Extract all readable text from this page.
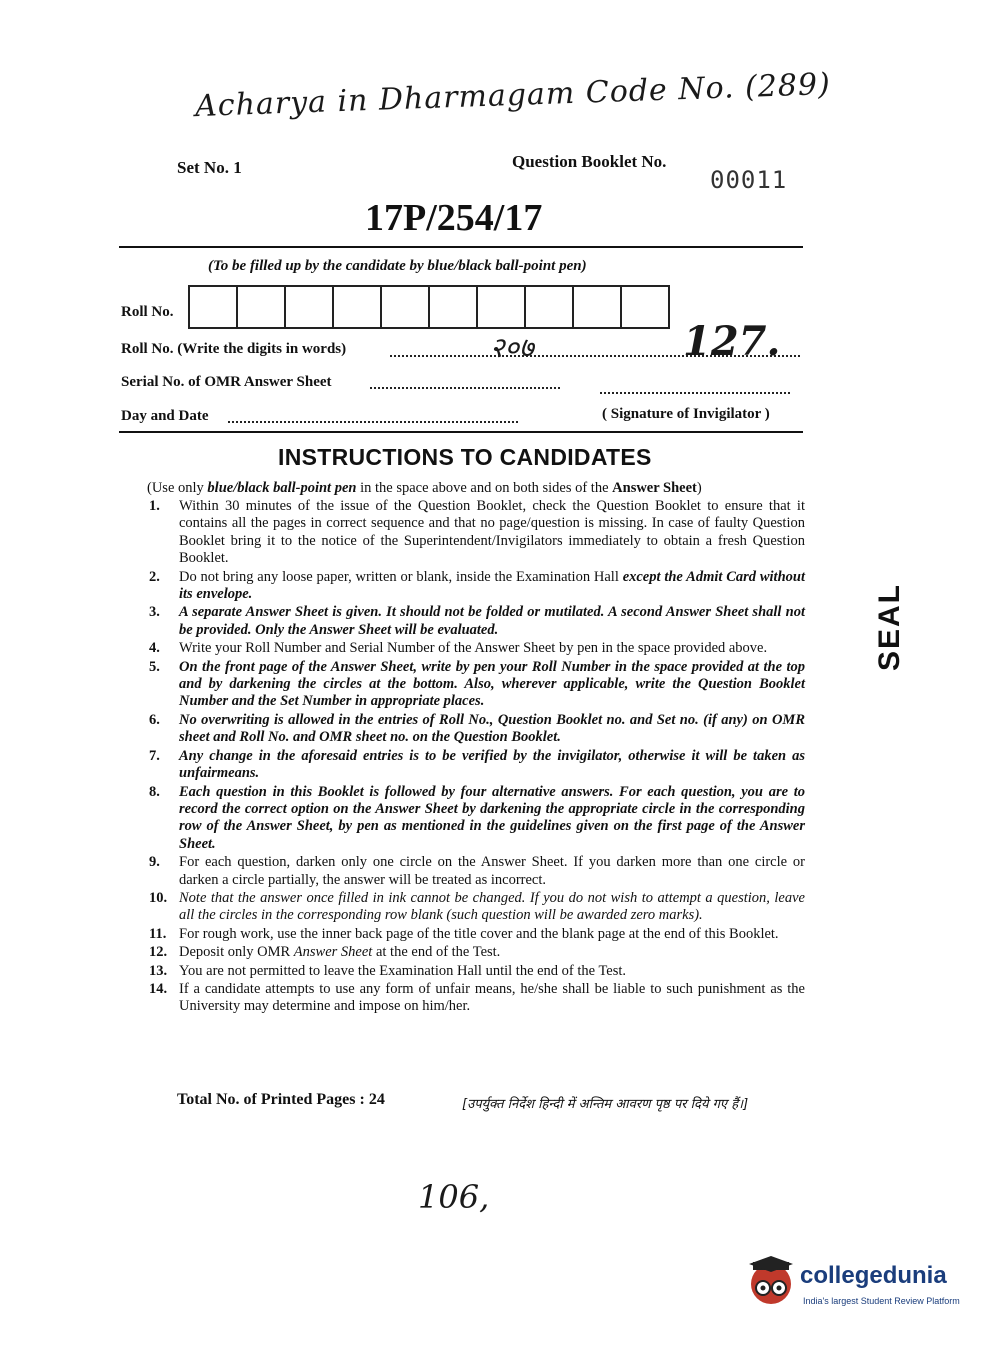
Acharya in Dharmagam Code No. (289)
Set No. 1	Question Booklet No.
00011
17P/254/17
(To be filled up by the candidate by blue/black ball-point pen)
Roll No.
Roll No. (Write the digits in words)	२०७	127.
Serial No. of OMR Answer Sheet
Day and Date	( Signature of Invigilator )
INSTRUCTIONS TO CANDIDATES
(Use only blue/black ball-point pen in the space above and on both sides of the Answer Sheet)
1.	Within 30 minutes of the issue of the Question Booklet, check the Question Booklet to ensure that it contains all the pages in correct sequence and that no page/question is missing. In case of faulty Question Booklet bring it to the notice of the Superintendent/Invigilators immediately to obtain a fresh Question Booklet.
2.	Do not bring any loose paper, written or blank, inside the Examination Hall except the Admit Card without its envelope.
3.	A separate Answer Sheet is given. It should not be folded or mutilated. A second Answer Sheet shall not be provided. Only the Answer Sheet will be evaluated.
4.	Write your Roll Number and Serial Number of the Answer Sheet by pen in the space provided above.
5.	On the front page of the Answer Sheet, write by pen your Roll Number in the space provided at the top and by darkening the circles at the bottom. Also, wherever applicable, write the Question Booklet Number and the Set Number in appropriate places.
6.	No overwriting is allowed in the entries of Roll No., Question Booklet no. and Set no. (if any) on OMR sheet and Roll No. and OMR sheet no. on the Question Booklet.
7.	Any change in the aforesaid entries is to be verified by the invigilator, otherwise it will be taken as unfairmeans.
8.	Each question in this Booklet is followed by four alternative answers. For each question, you are to record the correct option on the Answer Sheet by darkening the appropriate circle in the corresponding row of the Answer Sheet, by pen as mentioned in the guidelines given on the first page of the Answer Sheet.
9.	For each question, darken only one circle on the Answer Sheet. If you darken more than one circle or darken a circle partially, the answer will be treated as incorrect.
10. Note that the answer once filled in ink cannot be changed. If you do not wish to attempt a question, leave all the circles in the corresponding row blank (such question will be awarded zero marks).
11. For rough work, use the inner back page of the title cover and the blank page at the end of this Booklet.
12. Deposit only OMR Answer Sheet at the end of the Test.
13. You are not permitted to leave the Examination Hall until the end of the Test.
14. If a candidate attempts to use any form of unfair means, he/she shall be liable to such punishment as the University may determine and impose on him/her.
Total No. of Printed Pages : 24	[उपर्युक्त निर्देश हिन्दी में अन्तिम आवरण पृष्ठ पर दिये गए हैं।]
106,
SEAL
collegedunia
India's largest Student Review Platform
